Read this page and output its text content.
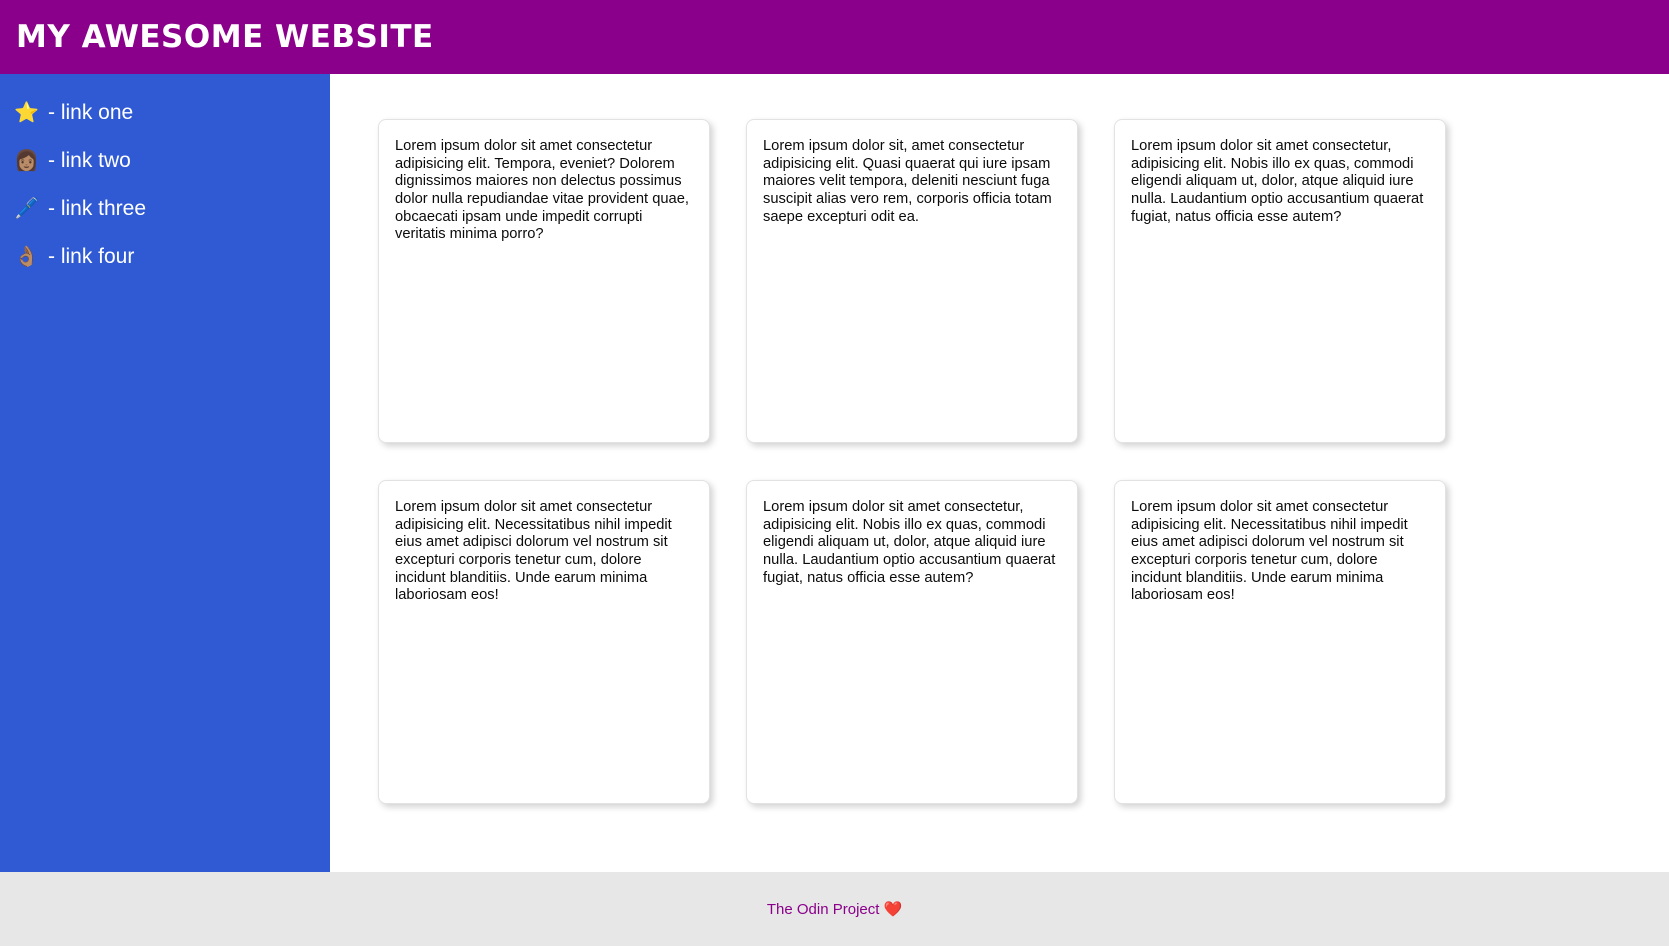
MY AWESOME WEBSITE
⭐ - link one
👩🏽 - link two
🖊️ - link three
👌🏽 - link four

Lorem ipsum dolor sit amet consectetur adipisicing elit. Tempora, eveniet? Dolorem dignissimos maiores non delectus possimus dolor nulla repudiandae vitae provident quae, obcaecati ipsam unde impedit corrupti veritatis minima porro?

Lorem ipsum dolor sit, amet consectetur adipisicing elit. Quasi quaerat qui iure ipsam maiores velit tempora, deleniti nesciunt fuga suscipit alias vero rem, corporis officia totam saepe excepturi odit ea.

Lorem ipsum dolor sit amet consectetur, adipisicing elit. Nobis illo ex quas, commodi eligendi aliquam ut, dolor, atque aliquid iure nulla. Laudantium optio accusantium quaerat fugiat, natus officia esse autem?

Lorem ipsum dolor sit amet consectetur adipisicing elit. Necessitatibus nihil impedit eius amet adipisci dolorum vel nostrum sit excepturi corporis tenetur cum, dolore incidunt blanditiis. Unde earum minima laboriosam eos!

Lorem ipsum dolor sit amet consectetur, adipisicing elit. Nobis illo ex quas, commodi eligendi aliquam ut, dolor, atque aliquid iure nulla. Laudantium optio accusantium quaerat fugiat, natus officia esse autem?

Lorem ipsum dolor sit amet consectetur adipisicing elit. Necessitatibus nihil impedit eius amet adipisci dolorum vel nostrum sit excepturi corporis tenetur cum, dolore incidunt blanditiis. Unde earum minima laboriosam eos!

The Odin Project ❤️
